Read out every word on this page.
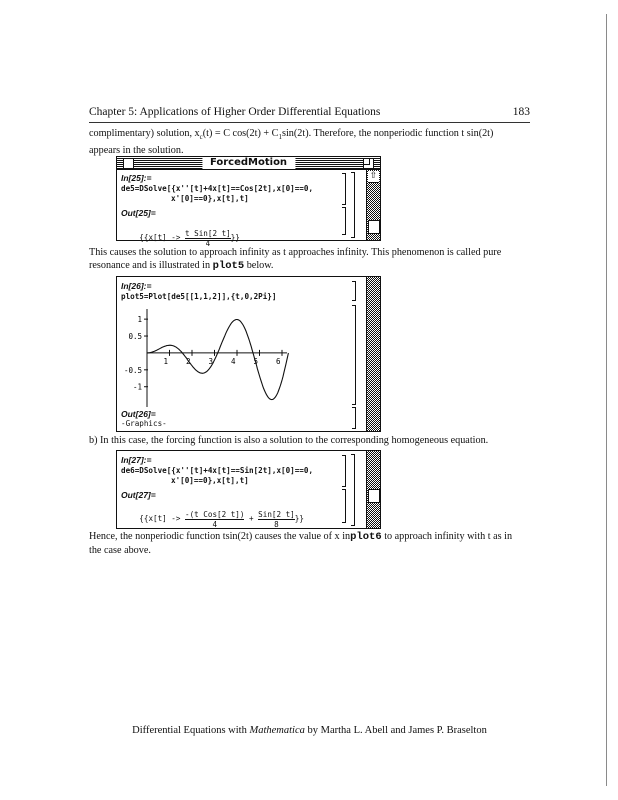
Chapter 5: Applications of Higher Order Differential Equations	183
complimentary) solution, $x_c(t) = C$ $\cos(2t) + C_1\sin(2t)$. Therefore, the nonperiodic function t sin(2t)
appears in the solution.
ForcedMotion
⇧
In[25]:=
de5=DSolve[{x''[t]+4x[t]==Cos[2t],x[0]==0,
x'[0]==0},x[t],t]
Out[25]=

{{x[t] -> t Sin[2 t]
4
}}

This causes the solution to approach infinity as t approaches infinity. This phenomenon is called pure
resonance and is illustrated in plot5 below.
In[26]:=
plot5=Plot[de5[[1,1,2]],{t,0,2Pi}]
1 2 3 4 5 6
1
0.5
-0.5
-1
Out[26]=
-Graphics-
b) In this case, the forcing function is also a solution to the corresponding homogeneous equation.
In[27]:=
de6=DSolve[{x''[t]+4x[t]==Sin[2t],x[0]==0,
x'[0]==0},x[t],t]
Out[27]=

{{x[t] -> -(t Cos[2 t])
4
+ Sin[2 t]
8
}}

Hence, the nonperiodic function tsin(2t) causes the value of x inplot6 to approach infinity with t as in
the case above.
Differential Equations with Mathematica by Martha L. Abell and James P. Braselton
